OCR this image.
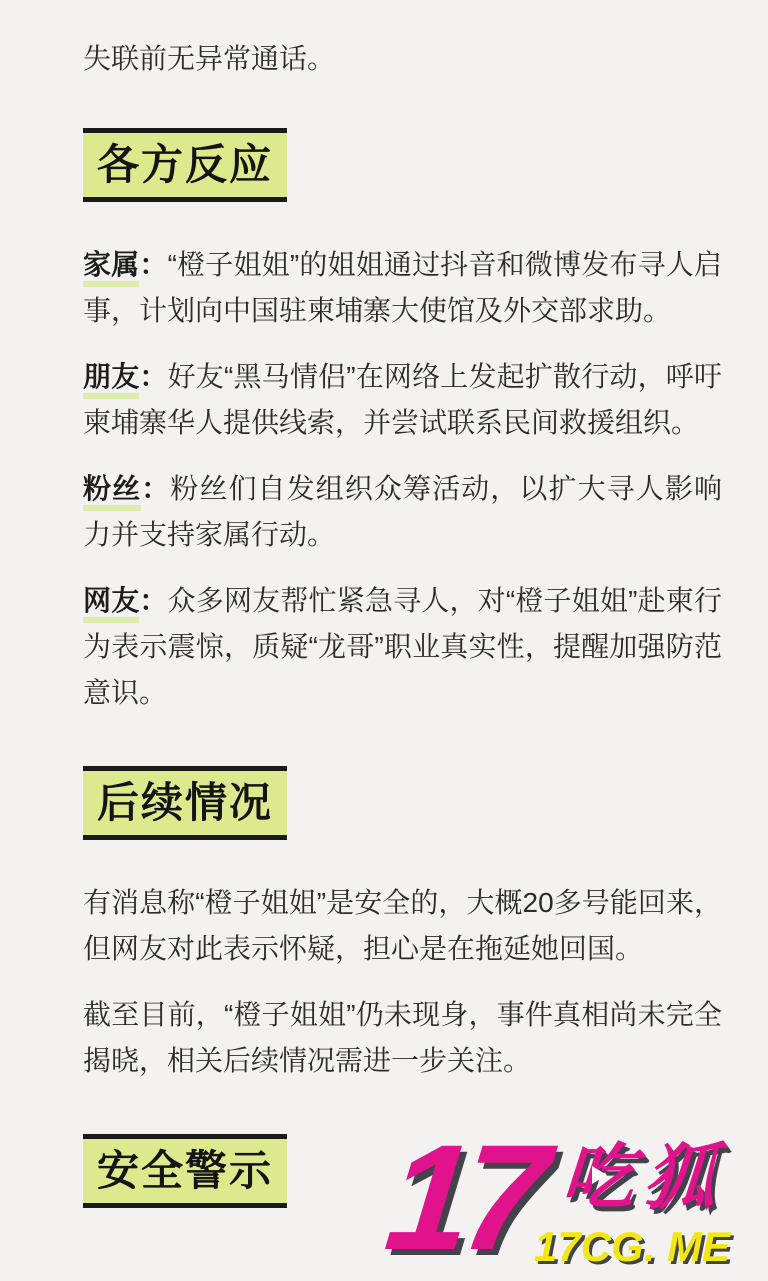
失联前无异常通话。

各方反应

家属：“橙子姐姐”的姐姐通过抖音和微博发布寻人启事，计划向中国驻柬埔寨大使馆及外交部求助。

朋友：好友“黑马情侣”在网络上发起扩散行动，呼吁柬埔寨华人提供线索，并尝试联系民间救援组织。

粉丝：粉丝们自发组织众筹活动，以扩大寻人影响力并支持家属行动。

网友：众多网友帮忙紧急寻人，对“橙子姐姐”赴柬行为表示震惊，质疑“龙哥”职业真实性，提醒加强防范意识。

后续情况

有消息称“橙子姐姐”是安全的，大概20多号能回来，但网友对此表示怀疑，担心是在拖延她回国。

截至目前，“橙子姐姐”仍未现身，事件真相尚未完全揭晓，相关后续情况需进一步关注。

安全警示 17 吃狐
17CG. ME
